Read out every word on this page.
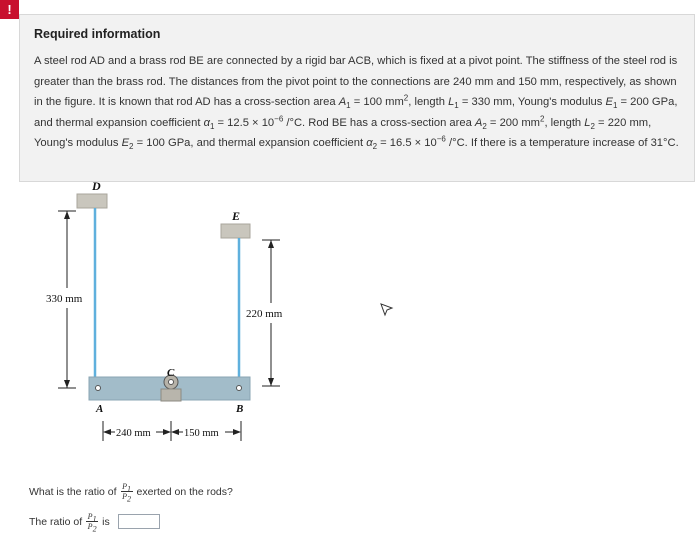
!
Required information
A steel rod AD and a brass rod BE are connected by a rigid bar ACB, which is fixed at a pivot point. The stiffness of the steel rod is greater than the brass rod. The distances from the pivot point to the connections are 240 mm and 150 mm, respectively, as shown in the figure. It is known that rod AD has a cross-section area $A_1 = 100$ $mm^2$, length $L_1 = 330$ mm, Young's modulus $E_1 = 200$ GPa, and thermal expansion coefficient $\alpha_1 = 12.5 \times 10^{-6}$ /°C. Rod BE has a cross-section area $A_2 = 200$ $mm^2$, length $L_2 = 220$ mm, Young's modulus $E_2 = 100$ GPa, and thermal expansion coefficient $\alpha_2 = 16.5 \times 10^{-6}$ /°C. If there is a temperature increase of 31°C.
D
E
C
A	B
330 mm
220 mm
240 mm	150 mm
What is the ratio of $\frac{P_1}{P_2}$ exerted on the rods?
The ratio of $\frac{P_1}{P_2}$ is
